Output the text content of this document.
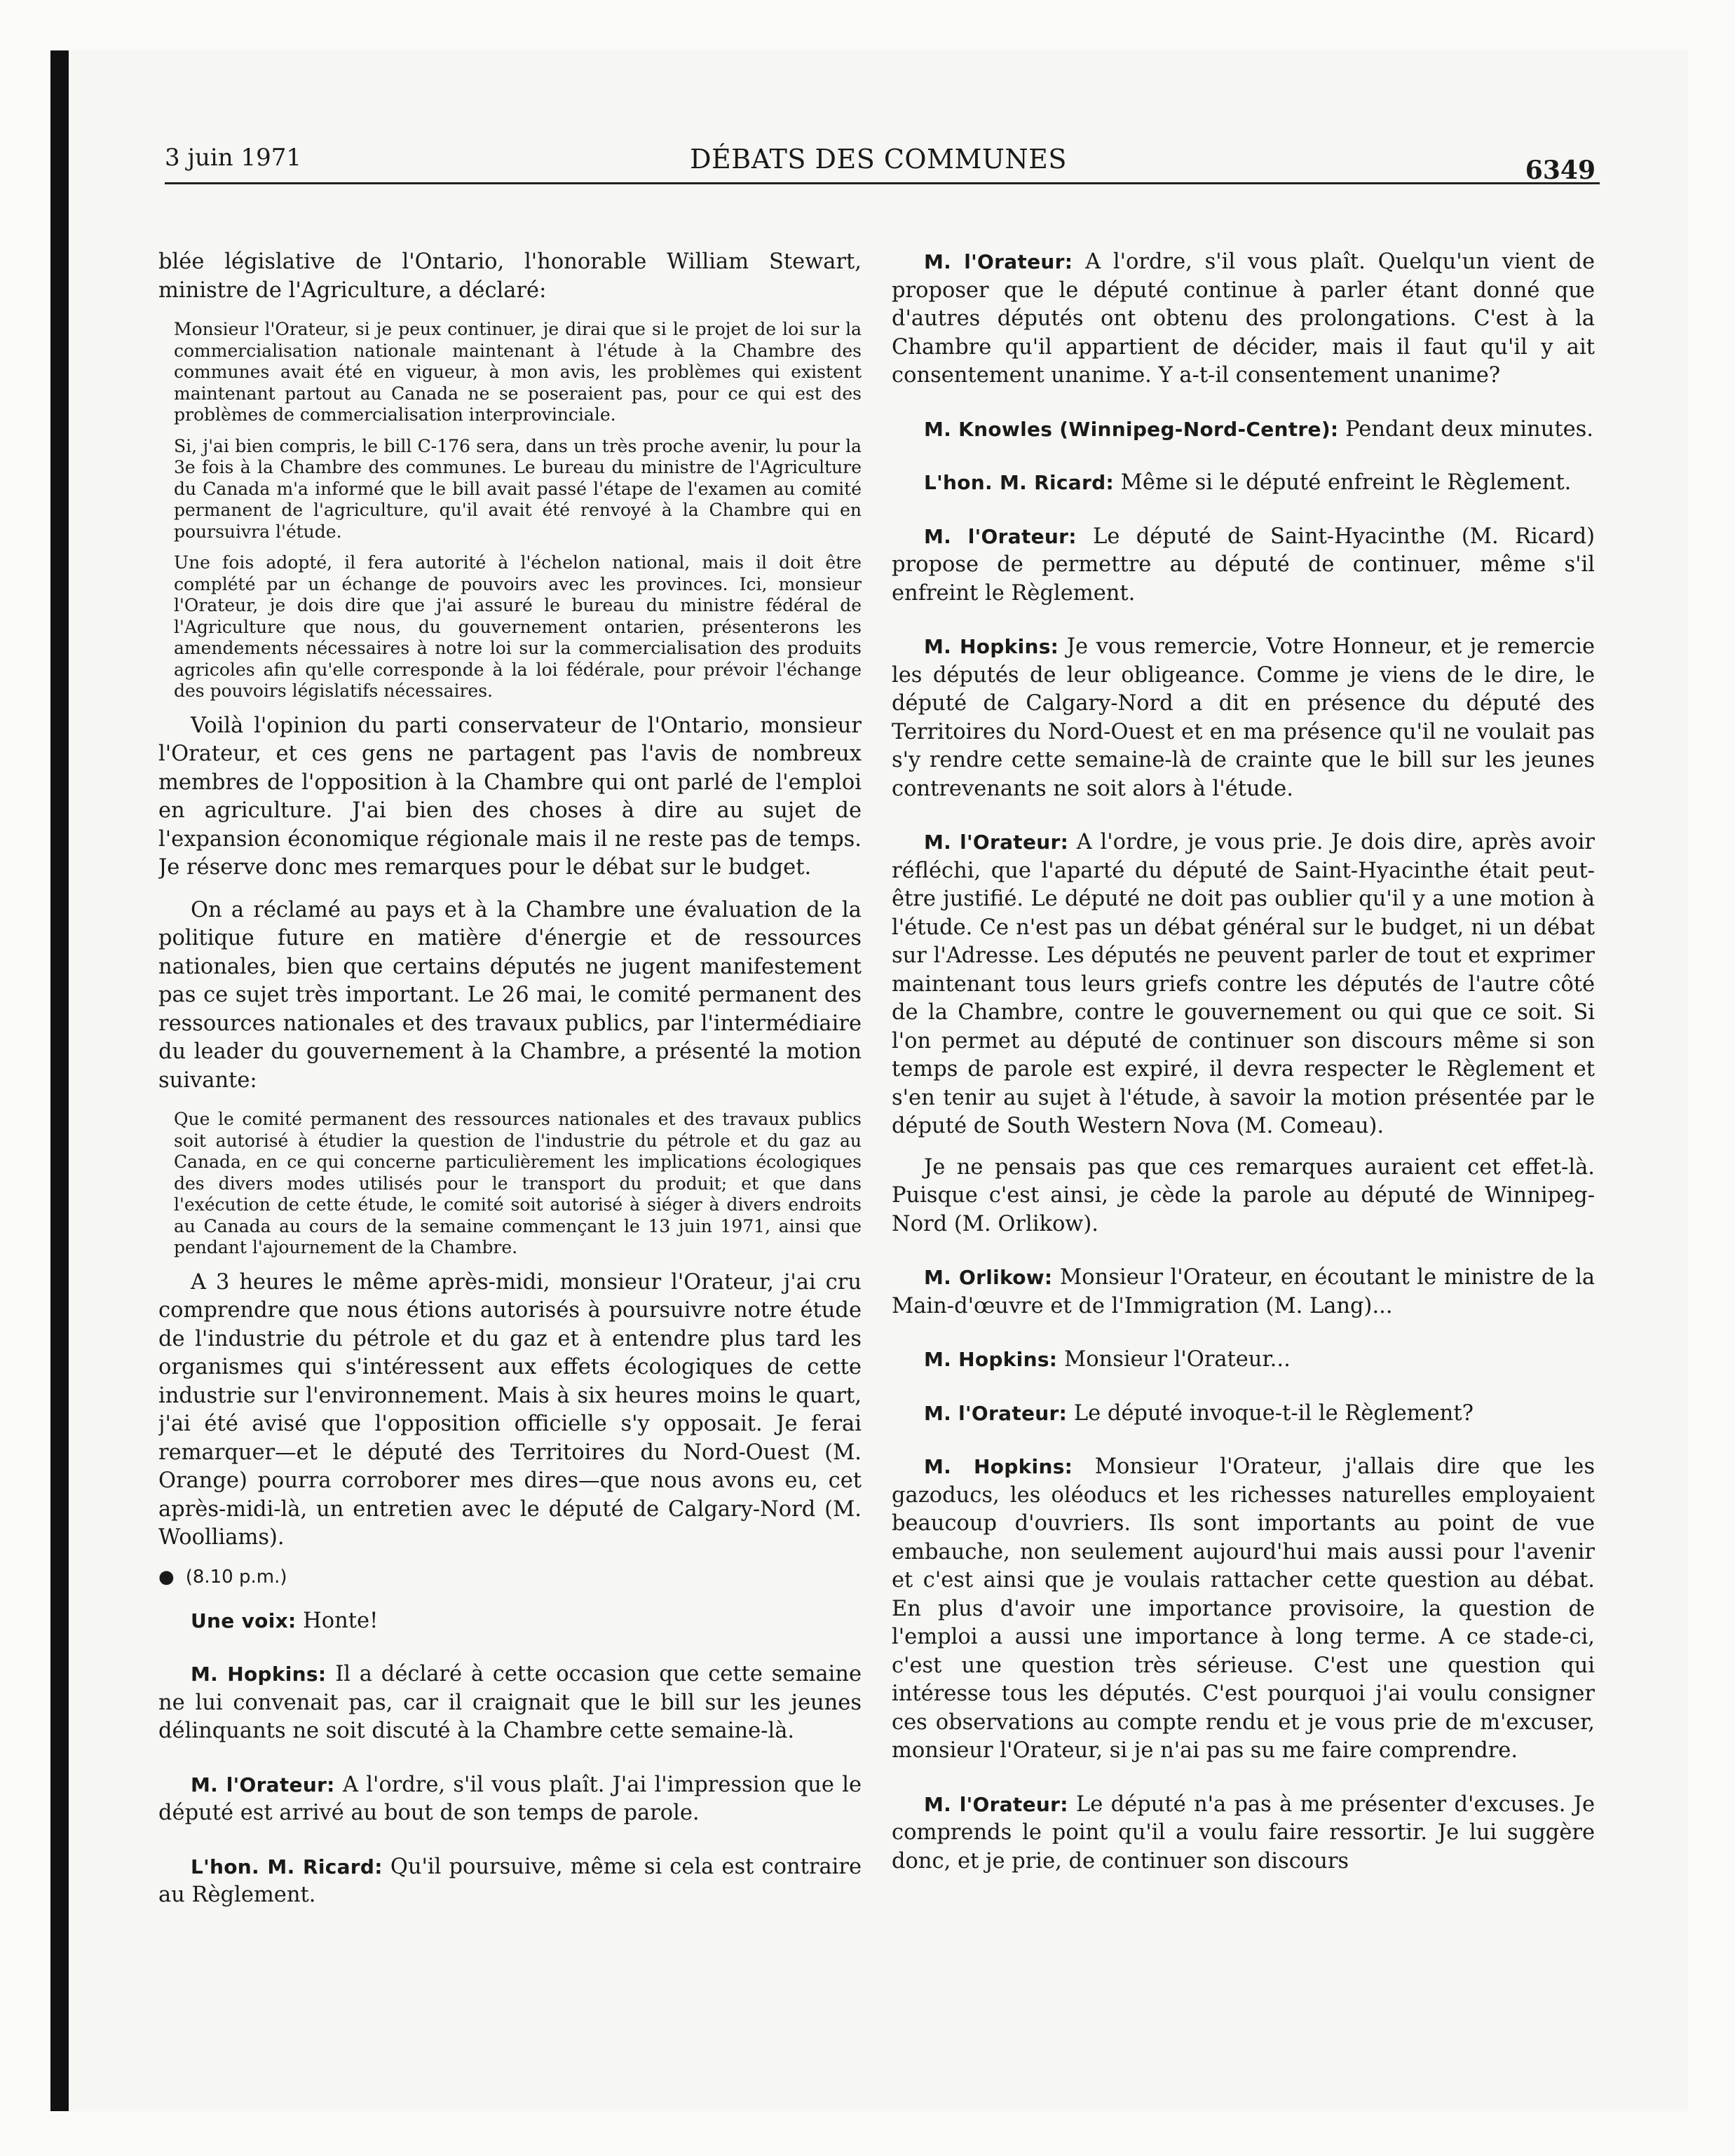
3 juin 1971	DÉBATS DES COMMUNES	6349

blée législative de l'Ontario, l'honorable William Stewart, ministre de l'Agriculture, a déclaré:

Monsieur l'Orateur, si je peux continuer, je dirai que si le projet de loi sur la commercialisation nationale maintenant à l'étude à la Chambre des communes avait été en vigueur, à mon avis, les problèmes qui existent maintenant partout au Canada ne se poseraient pas, pour ce qui est des problèmes de commercialisation interprovinciale.

Si, j'ai bien compris, le bill C-176 sera, dans un très proche avenir, lu pour la 3e fois à la Chambre des communes. Le bureau du ministre de l'Agriculture du Canada m'a informé que le bill avait passé l'étape de l'examen au comité permanent de l'agriculture, qu'il avait été renvoyé à la Chambre qui en poursuivra l'étude.

Une fois adopté, il fera autorité à l'échelon national, mais il doit être complété par un échange de pouvoirs avec les provinces. Ici, monsieur l'Orateur, je dois dire que j'ai assuré le bureau du ministre fédéral de l'Agriculture que nous, du gouvernement ontarien, présenterons les amendements nécessaires à notre loi sur la commercialisation des produits agricoles afin qu'elle corresponde à la loi fédérale, pour prévoir l'échange des pouvoirs législatifs nécessaires.

Voilà l'opinion du parti conservateur de l'Ontario, monsieur l'Orateur, et ces gens ne partagent pas l'avis de nombreux membres de l'opposition à la Chambre qui ont parlé de l'emploi en agriculture. J'ai bien des choses à dire au sujet de l'expansion économique régionale mais il ne reste pas de temps. Je réserve donc mes remarques pour le débat sur le budget.

On a réclamé au pays et à la Chambre une évaluation de la politique future en matière d'énergie et de ressources nationales, bien que certains députés ne jugent manifestement pas ce sujet très important. Le 26 mai, le comité permanent des ressources nationales et des travaux publics, par l'intermédiaire du leader du gouvernement à la Chambre, a présenté la motion suivante:

Que le comité permanent des ressources nationales et des travaux publics soit autorisé à étudier la question de l'industrie du pétrole et du gaz au Canada, en ce qui concerne particulièrement les implications écologiques des divers modes utilisés pour le transport du produit; et que dans l'exécution de cette étude, le comité soit autorisé à siéger à divers endroits au Canada au cours de la semaine commençant le 13 juin 1971, ainsi que pendant l'ajournement de la Chambre.

A 3 heures le même après-midi, monsieur l'Orateur, j'ai cru comprendre que nous étions autorisés à poursuivre notre étude de l'industrie du pétrole et du gaz et à entendre plus tard les organismes qui s'intéressent aux effets écologiques de cette industrie sur l'environnement. Mais à six heures moins le quart, j'ai été avisé que l'opposition officielle s'y opposait. Je ferai remarquer—et le député des Territoires du Nord-Ouest (M. Orange) pourra corroborer mes dires—que nous avons eu, cet après-midi-là, un entretien avec le député de Calgary-Nord (M. Woolliams).

● (8.10 p.m.)

Une voix: Honte!

M. Hopkins: Il a déclaré à cette occasion que cette semaine ne lui convenait pas, car il craignait que le bill sur les jeunes délinquants ne soit discuté à la Chambre cette semaine-là.

M. l'Orateur: A l'ordre, s'il vous plaît. J'ai l'impression que le député est arrivé au bout de son temps de parole.

L'hon. M. Ricard: Qu'il poursuive, même si cela est contraire au Règlement.

M. l'Orateur: A l'ordre, s'il vous plaît. Quelqu'un vient de proposer que le député continue à parler étant donné que d'autres députés ont obtenu des prolongations. C'est à la Chambre qu'il appartient de décider, mais il faut qu'il y ait consentement unanime. Y a-t-il consentement unanime?

M. Knowles (Winnipeg-Nord-Centre): Pendant deux minutes.

L'hon. M. Ricard: Même si le député enfreint le Règlement.

M. l'Orateur: Le député de Saint-Hyacinthe (M. Ricard) propose de permettre au député de continuer, même s'il enfreint le Règlement.

M. Hopkins: Je vous remercie, Votre Honneur, et je remercie les députés de leur obligeance. Comme je viens de le dire, le député de Calgary-Nord a dit en présence du député des Territoires du Nord-Ouest et en ma présence qu'il ne voulait pas s'y rendre cette semaine-là de crainte que le bill sur les jeunes contrevenants ne soit alors à l'étude.

M. l'Orateur: A l'ordre, je vous prie. Je dois dire, après avoir réfléchi, que l'aparté du député de Saint-Hyacinthe était peut-être justifié. Le député ne doit pas oublier qu'il y a une motion à l'étude. Ce n'est pas un débat général sur le budget, ni un débat sur l'Adresse. Les députés ne peuvent parler de tout et exprimer maintenant tous leurs griefs contre les députés de l'autre côté de la Chambre, contre le gouvernement ou qui que ce soit. Si l'on permet au député de continuer son discours même si son temps de parole est expiré, il devra respecter le Règlement et s'en tenir au sujet à l'étude, à savoir la motion présentée par le député de South Western Nova (M. Comeau).

Je ne pensais pas que ces remarques auraient cet effet-là. Puisque c'est ainsi, je cède la parole au député de Winnipeg-Nord (M. Orlikow).

M. Orlikow: Monsieur l'Orateur, en écoutant le ministre de la Main-d'œuvre et de l'Immigration (M. Lang)...

M. Hopkins: Monsieur l'Orateur...

M. l'Orateur: Le député invoque-t-il le Règlement?

M. Hopkins: Monsieur l'Orateur, j'allais dire que les gazoducs, les oléoducs et les richesses naturelles employaient beaucoup d'ouvriers. Ils sont importants au point de vue embauche, non seulement aujourd'hui mais aussi pour l'avenir et c'est ainsi que je voulais rattacher cette question au débat. En plus d'avoir une importance provisoire, la question de l'emploi a aussi une importance à long terme. A ce stade-ci, c'est une question très sérieuse. C'est une question qui intéresse tous les députés. C'est pourquoi j'ai voulu consigner ces observations au compte rendu et je vous prie de m'excuser, monsieur l'Orateur, si je n'ai pas su me faire comprendre.

M. l'Orateur: Le député n'a pas à me présenter d'excuses. Je comprends le point qu'il a voulu faire ressortir. Je lui suggère donc, et je prie, de continuer son discours
